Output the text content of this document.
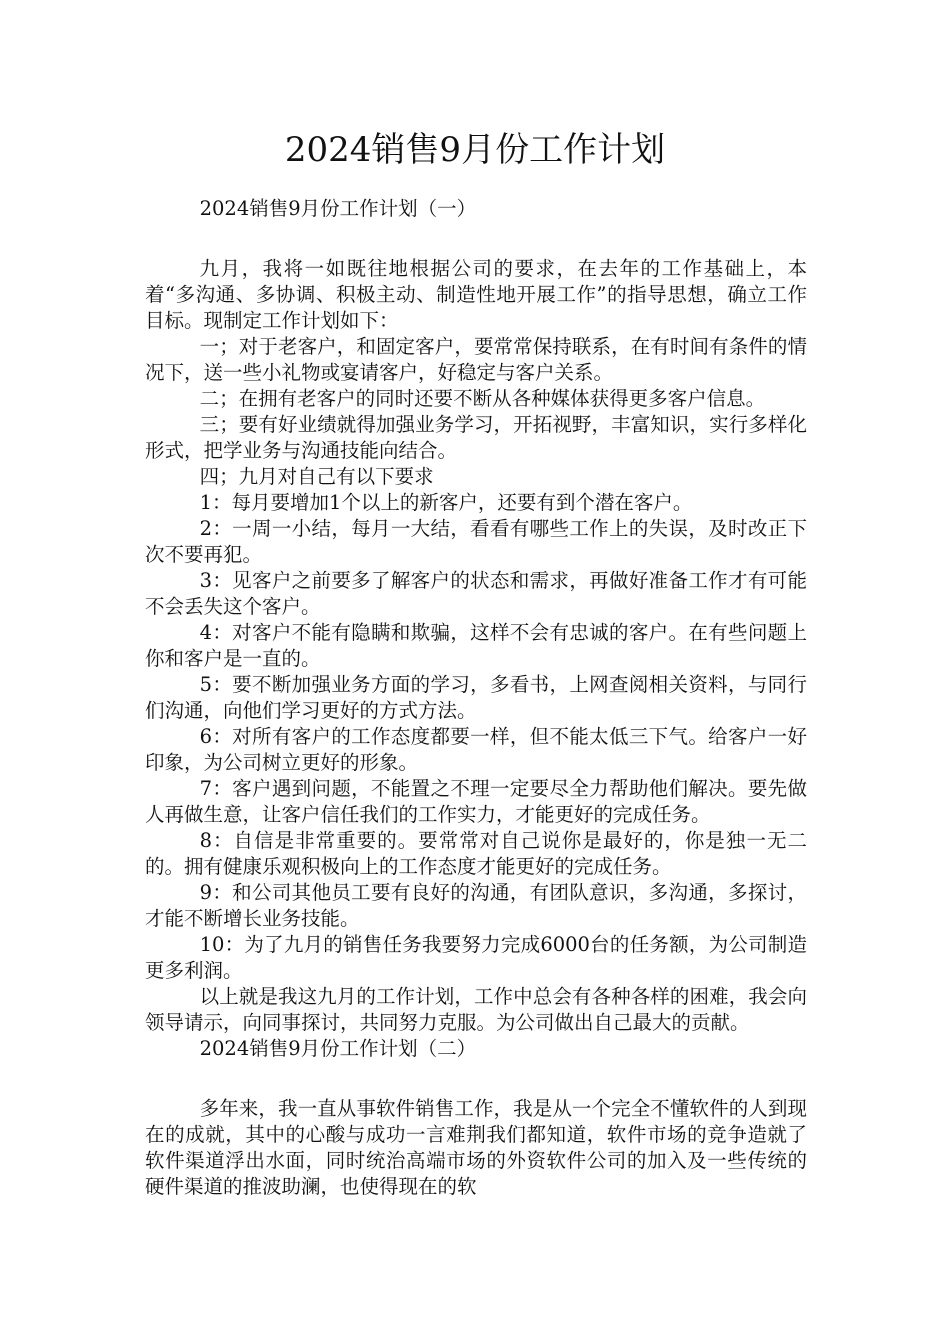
2024销售9月份工作计划

2024销售9月份工作计划（一）

九月，我将一如既往地根据公司的要求，在去年的工作基础上，本着“多沟通、多协调、积极主动、制造性地开展工作”的指导思想，确立工作目标。现制定工作计划如下：

一；对于老客户，和固定客户，要常常保持联系，在有时间有条件的情况下，送一些小礼物或宴请客户，好稳定与客户关系。

二；在拥有老客户的同时还要不断从各种媒体获得更多客户信息。

三；要有好业绩就得加强业务学习，开拓视野，丰富知识，实行多样化形式，把学业务与沟通技能向结合。

四；九月对自己有以下要求

1：每月要增加1个以上的新客户，还要有到个潜在客户。

2：一周一小结，每月一大结，看看有哪些工作上的失误，及时改正下次不要再犯。

3：见客户之前要多了解客户的状态和需求，再做好准备工作才有可能不会丢失这个客户。

4：对客户不能有隐瞒和欺骗，这样不会有忠诚的客户。在有些问题上你和客户是一直的。

5：要不断加强业务方面的学习，多看书，上网查阅相关资料，与同行们沟通，向他们学习更好的方式方法。

6：对所有客户的工作态度都要一样，但不能太低三下气。给客户一好印象，为公司树立更好的形象。

7：客户遇到问题，不能置之不理一定要尽全力帮助他们解决。要先做人再做生意，让客户信任我们的工作实力，才能更好的完成任务。

8：自信是非常重要的。要常常对自己说你是最好的，你是独一无二的。拥有健康乐观积极向上的工作态度才能更好的完成任务。

9：和公司其他员工要有良好的沟通，有团队意识，多沟通，多探讨，才能不断增长业务技能。

10：为了九月的销售任务我要努力完成6000台的任务额，为公司制造更多利润。

以上就是我这九月的工作计划，工作中总会有各种各样的困难，我会向领导请示，向同事探讨，共同努力克服。为公司做出自己最大的贡献。

2024销售9月份工作计划（二）

多年来，我一直从事软件销售工作，我是从一个完全不懂软件的人到现在的成就，其中的心酸与成功一言难荆我们都知道，软件市场的竞争造就了软件渠道浮出水面，同时统治高端市场的外资软件公司的加入及一些传统的硬件渠道的推波助澜，也使得现在的软
